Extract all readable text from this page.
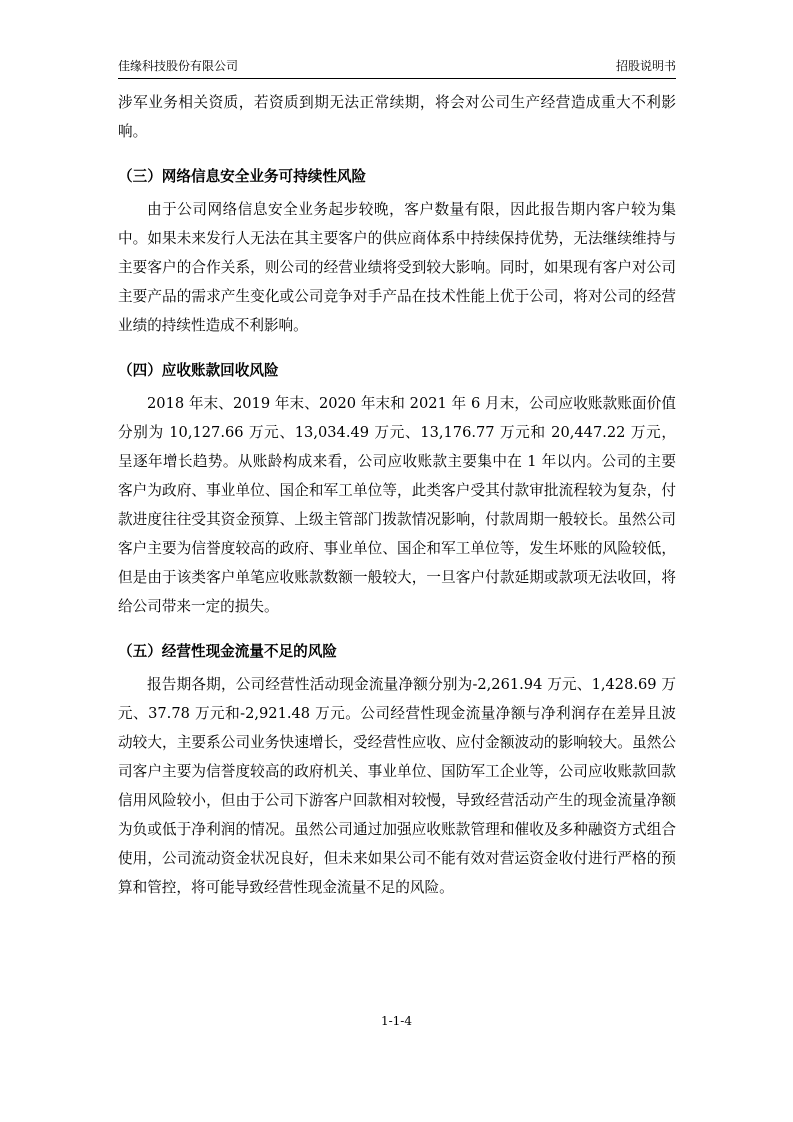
佳缘科技股份有限公司	招股说明书

涉军业务相关资质，若资质到期无法正常续期，将会对公司生产经营造成重大不利影响。

（三）网络信息安全业务可持续性风险

由于公司网络信息安全业务起步较晚，客户数量有限，因此报告期内客户较为集中。如果未来发行人无法在其主要客户的供应商体系中持续保持优势，无法继续维持与主要客户的合作关系，则公司的经营业绩将受到较大影响。同时，如果现有客户对公司主要产品的需求产生变化或公司竞争对手产品在技术性能上优于公司，将对公司的经营业绩的持续性造成不利影响。

（四）应收账款回收风险

2018 年末、2019 年末、2020 年末和 2021 年 6 月末，公司应收账款账面价值分别为 10,127.66 万元、13,034.49 万元、13,176.77 万元和 20,447.22 万元，呈逐年增长趋势。从账龄构成来看，公司应收账款主要集中在 1 年以内。公司的主要客户为政府、事业单位、国企和军工单位等，此类客户受其付款审批流程较为复杂，付款进度往往受其资金预算、上级主管部门拨款情况影响，付款周期一般较长。虽然公司客户主要为信誉度较高的政府、事业单位、国企和军工单位等，发生坏账的风险较低，但是由于该类客户单笔应收账款数额一般较大，一旦客户付款延期或款项无法收回，将给公司带来一定的损失。

（五）经营性现金流量不足的风险

报告期各期，公司经营性活动现金流量净额分别为-2,261.94 万元、1,428.69 万元、37.78 万元和-2,921.48 万元。公司经营性现金流量净额与净利润存在差异且波动较大，主要系公司业务快速增长，受经营性应收、应付金额波动的影响较大。虽然公司客户主要为信誉度较高的政府机关、事业单位、国防军工企业等，公司应收账款回款信用风险较小，但由于公司下游客户回款相对较慢，导致经营活动产生的现金流量净额为负或低于净利润的情况。虽然公司通过加强应收账款管理和催收及多种融资方式组合使用，公司流动资金状况良好，但未来如果公司不能有效对营运资金收付进行严格的预算和管控，将可能导致经营性现金流量不足的风险。

1-1-4
